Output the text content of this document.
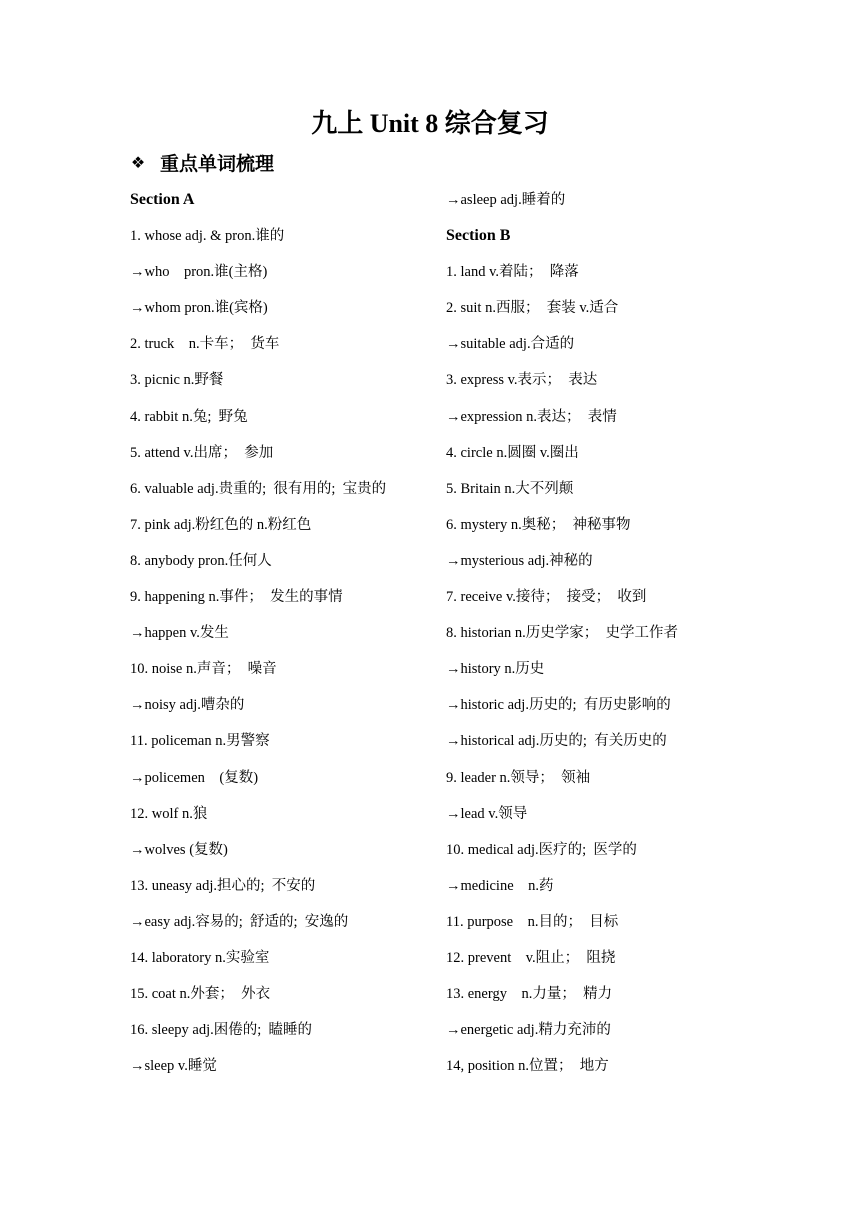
九上 Unit 8 综合复习
❖ 重点单词梳理
Section A
1. whose adj. & pron.谁的
→who    pron.谁(主格)
→whom pron.谁(宾格)
2. truck    n.卡车；  货车
3. picnic n.野餐
4. rabbit n.兔;  野兔
5. attend v.出席；  参加
6. valuable adj.贵重的;  很有用的;  宝贵的
7. pink adj.粉红色的 n.粉红色
8. anybody pron.任何人
9. happening n.事件；  发生的事情
→happen v.发生
10. noise n.声音；  噪音
→noisy adj.嘈杂的
11. policeman n.男警察
→policemen    (复数)
12. wolf n.狼
→wolves (复数)
13. uneasy adj.担心的;  不安的
→easy adj.容易的;  舒适的;  安逸的
14. laboratory n.实验室
15. coat n.外套；  外衣
16. sleepy adj.困倦的;  瞌睡的
→sleep v.睡觉
→asleep adj.睡着的
Section B
1. land v.着陆；  降落
2. suit n.西服；  套装 v.适合
→suitable adj.合适的
3. express v.表示；  表达
→expression n.表达；  表情
4. circle n.圆圈 v.圈出
5. Britain n.大不列颠
6. mystery n.奥秘；  神秘事物
→mysterious adj.神秘的
7. receive v.接待；  接受；  收到
8. historian n.历史学家；  史学工作者
→history n.历史
→historic adj.历史的;  有历史影响的
→historical adj.历史的;  有关历史的
9. leader n.领导；  领袖
→lead v.领导
10. medical adj.医疗的;  医学的
→medicine    n.药
11. purpose    n.目的；  目标
12. prevent    v.阻止；  阻挠
13. energy    n.力量；  精力
→energetic adj.精力充沛的
14, position n.位置；  地方
